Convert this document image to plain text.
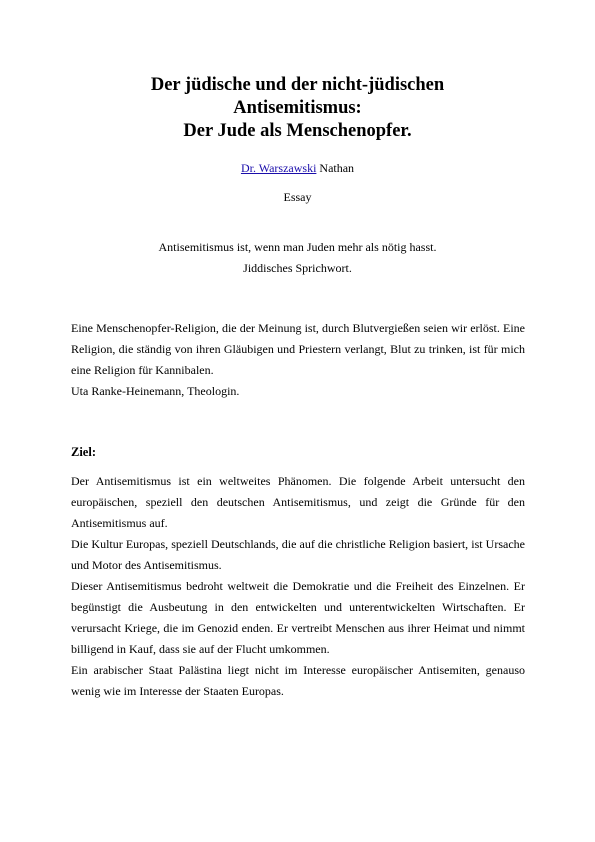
Der jüdische und der nicht-jüdischen
Antisemitismus:
Der Jude als Menschenopfer.
Dr. Warszawski Nathan
Essay
Antisemitismus ist, wenn man Juden mehr als nötig hasst.
Jiddisches Sprichwort.
Eine Menschenopfer-Religion, die der Meinung ist, durch Blutvergießen seien wir erlöst. Eine
Religion, die ständig von ihren Gläubigen und Priestern verlangt, Blut zu trinken, ist für mich
eine Religion für Kannibalen.
Uta Ranke-Heinemann, Theologin.
Ziel:
Der Antisemitismus ist ein weltweites Phänomen. Die folgende Arbeit untersucht den
europäischen, speziell den deutschen Antisemitismus, und zeigt die Gründe für den
Antisemitismus auf.
Die Kultur Europas, speziell Deutschlands, die auf die christliche Religion basiert, ist Ursache
und Motor des Antisemitismus.
Dieser Antisemitismus bedroht weltweit die Demokratie und die Freiheit des Einzelnen. Er
begünstigt die Ausbeutung in den entwickelten und unterentwickelten Wirtschaften. Er
verursacht Kriege, die im Genozid enden. Er vertreibt Menschen aus ihrer Heimat und nimmt
billigend in Kauf, dass sie auf der Flucht umkommen.
Ein arabischer Staat Palästina liegt nicht im Interesse europäischer Antisemiten, genauso
wenig wie im Interesse der Staaten Europas.
